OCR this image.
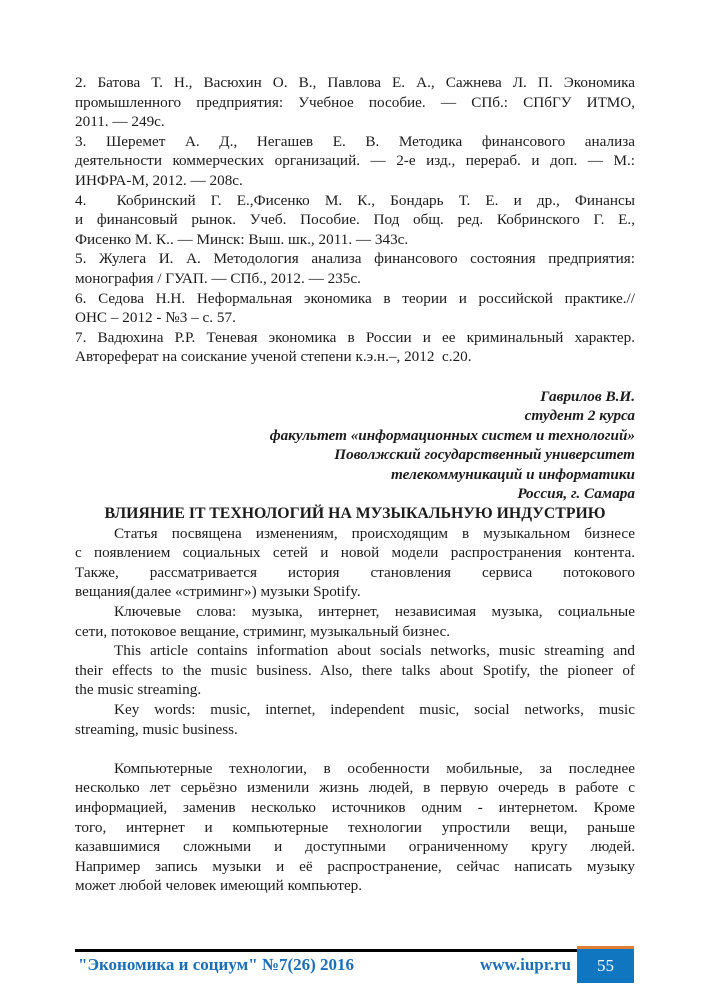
2. Батова Т. Н., Васюхин О. В., Павлова Е. А., Сажнева Л. П. Экономика
промышленного предприятия: Учебное пособие. — СПб.: СПбГУ ИТМО,
2011. — 249с.
3. Шеремет А. Д., Негашев Е. В. Методика финансового анализа
деятельности коммерческих организаций. — 2-е изд., перераб. и доп. — М.:
ИНФРА-М, 2012. — 208с.
4.  Кобринский Г. Е.,Фисенко М. К., Бондарь Т. Е. и др., Финансы
и финансовый рынок. Учеб. Пособие. Под общ. ред. Кобринского Г. Е.,
Фисенко М. К.. — Минск: Выш. шк., 2011. — 343с.
5. Жулега И. А. Методология анализа финансового состояния предприятия:
монография / ГУАП. — СПб., 2012. — 235с.
6. Седова Н.Н. Неформальная экономика в теории и российской практике.//
ОНС – 2012 - №3 – с. 57.
7. Вадюхина Р.Р. Теневая экономика в России и ее криминальный характер.
Автореферат на соискание ученой степени к.э.н.–, 2012  с.20.
Гаврилов В.И.
студент 2 курса
факультет «информационных систем и технологий»
Поволжский государственный университет
телекоммуникаций и информатики
Россия, г. Самара
ВЛИЯНИЕ IT ТЕХНОЛОГИЙ НА МУЗЫКАЛЬНУЮ ИНДУСТРИЮ
Статья посвящена изменениям, происходящим в музыкальном бизнесе
с появлением социальных сетей и новой модели распространения контента.
Также, рассматривается история становления сервиса потокового
вещания(далее «стриминг») музыки Spotify.
Ключевые слова: музыка, интернет, независимая музыка, социальные
сети, потоковое вещание, стриминг, музыкальный бизнес.
This article contains information about socials networks, music streaming and
their effects to the music business. Also, there talks about Spotify, the pioneer of
the music streaming.
Key words: music, internet, independent music, social networks, music
streaming, music business.
Компьютерные технологии, в особенности мобильные, за последнее
несколько лет серьёзно изменили жизнь людей, в первую очередь в работе с
информацией, заменив несколько источников одним - интернетом. Кроме
того, интернет и компьютерные технологии упростили вещи, раньше
казавшимися сложными и доступными ограниченному кругу людей.
Например запись музыки и её распространение, сейчас написать музыку
может любой человек имеющий компьютер.
"Экономика и социум" №7(26) 2016	www.iupr.ru	55
